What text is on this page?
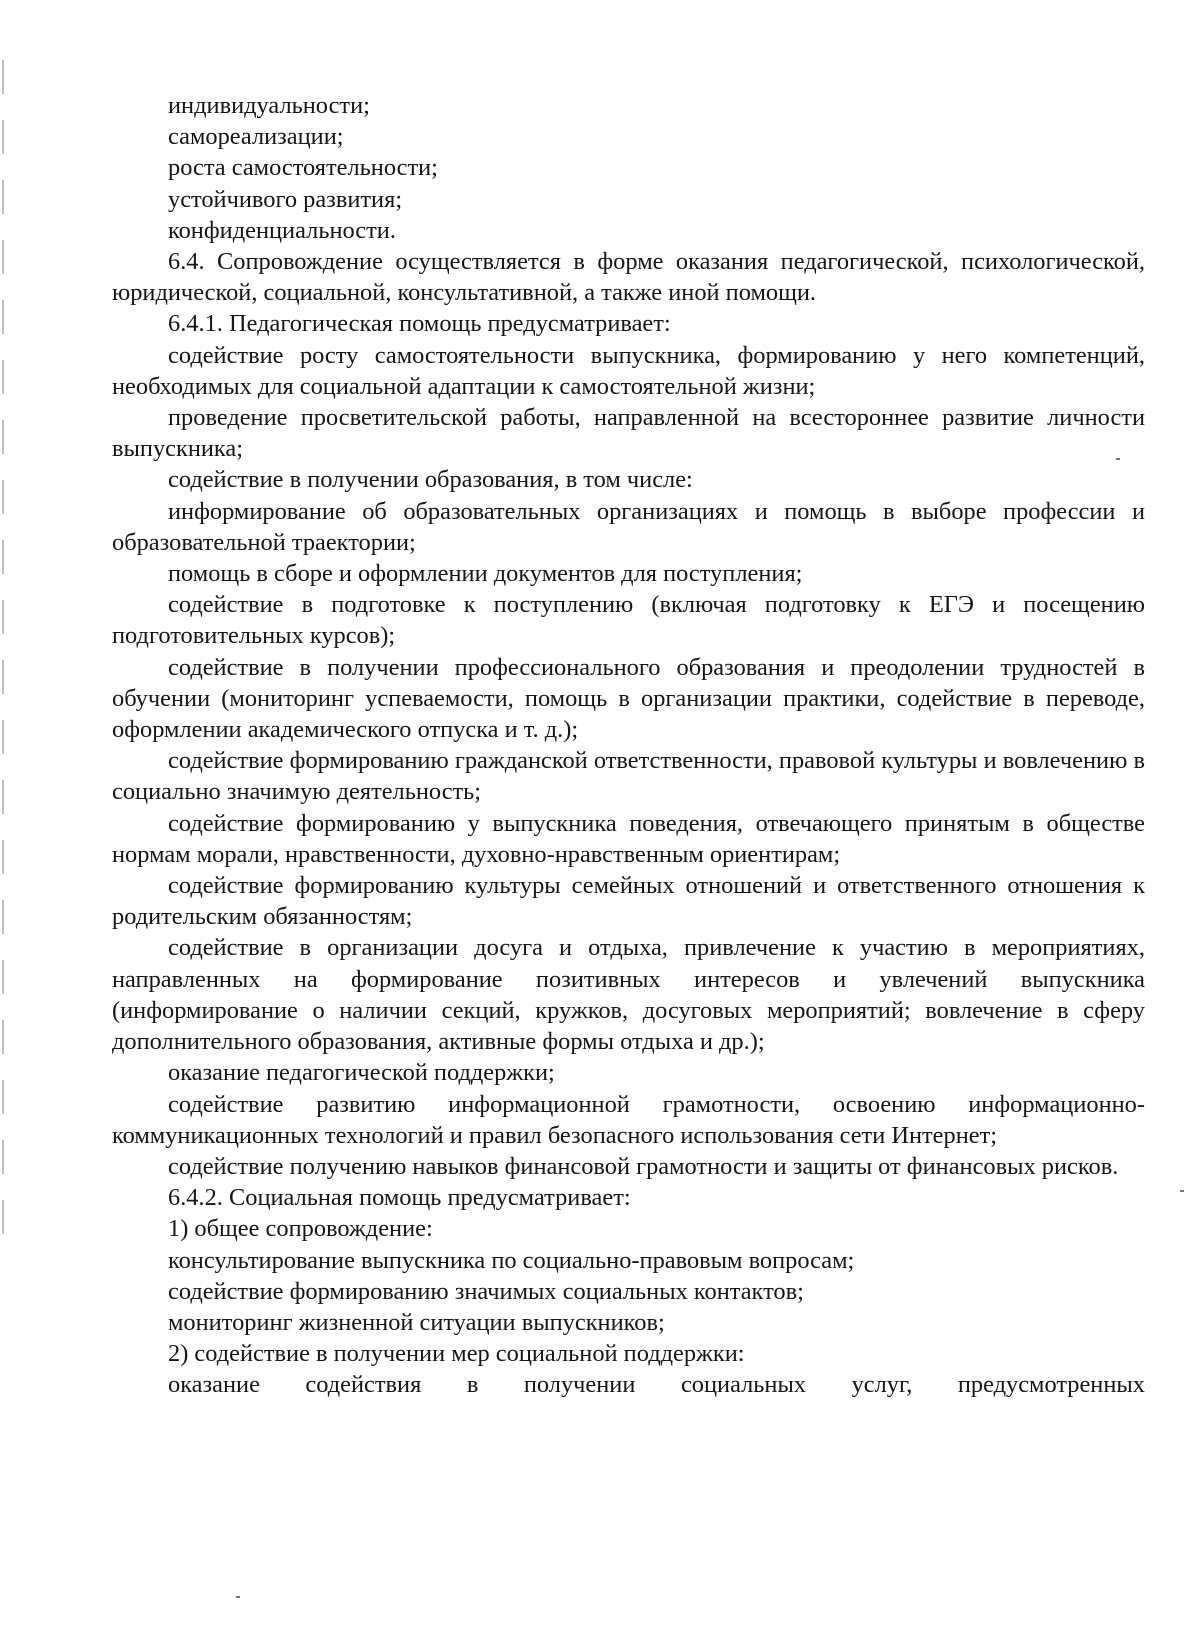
индивидуальности;

самореализации;

роста самостоятельности;

устойчивого развития;

конфиденциальности.

6.4. Сопровождение осуществляется в форме оказания педагогической, психологической, юридической, социальной, консультативной, а также иной помощи.

6.4.1. Педагогическая помощь предусматривает:

содействие росту самостоятельности выпускника, формированию у него компетенций, необходимых для социальной адаптации к самостоятельной жизни;

проведение просветительской работы, направленной на всестороннее развитие личности выпускника;

содействие в получении образования, в том числе:

информирование об образовательных организациях и помощь в выборе профессии и образовательной траектории;

помощь в сборе и оформлении документов для поступления;

содействие в подготовке к поступлению (включая подготовку к ЕГЭ и посещению подготовительных курсов);

содействие в получении профессионального образования и преодолении трудностей в обучении (мониторинг успеваемости, помощь в организации практики, содействие в переводе, оформлении академического отпуска и т. д.);

содействие формированию гражданской ответственности, правовой культуры и вовлечению в социально значимую деятельность;

содействие формированию у выпускника поведения, отвечающего принятым в обществе нормам морали, нравственности, духовно-нравственным ориентирам;

содействие формированию культуры семейных отношений и ответственного отношения к родительским обязанностям;

содействие в организации досуга и отдыха, привлечение к участию в мероприятиях, направленных на формирование позитивных интересов и увлечений выпускника (информирование о наличии секций, кружков, досуговых мероприятий; вовлечение в сферу дополнительного образования, активные формы отдыха и др.);

оказание педагогической поддержки;

содействие развитию информационной грамотности, освоению информационно-коммуникационных технологий и правил безопасного использования сети Интернет;

содействие получению навыков финансовой грамотности и защиты от финансовых рисков.

6.4.2. Социальная помощь предусматривает:

1) общее сопровождение:

консультирование выпускника по социально-правовым вопросам;

содействие формированию значимых социальных контактов;

мониторинг жизненной ситуации выпускников;

2) содействие в получении мер социальной поддержки:

оказание содействия в получении социальных услуг, предусмотренных
